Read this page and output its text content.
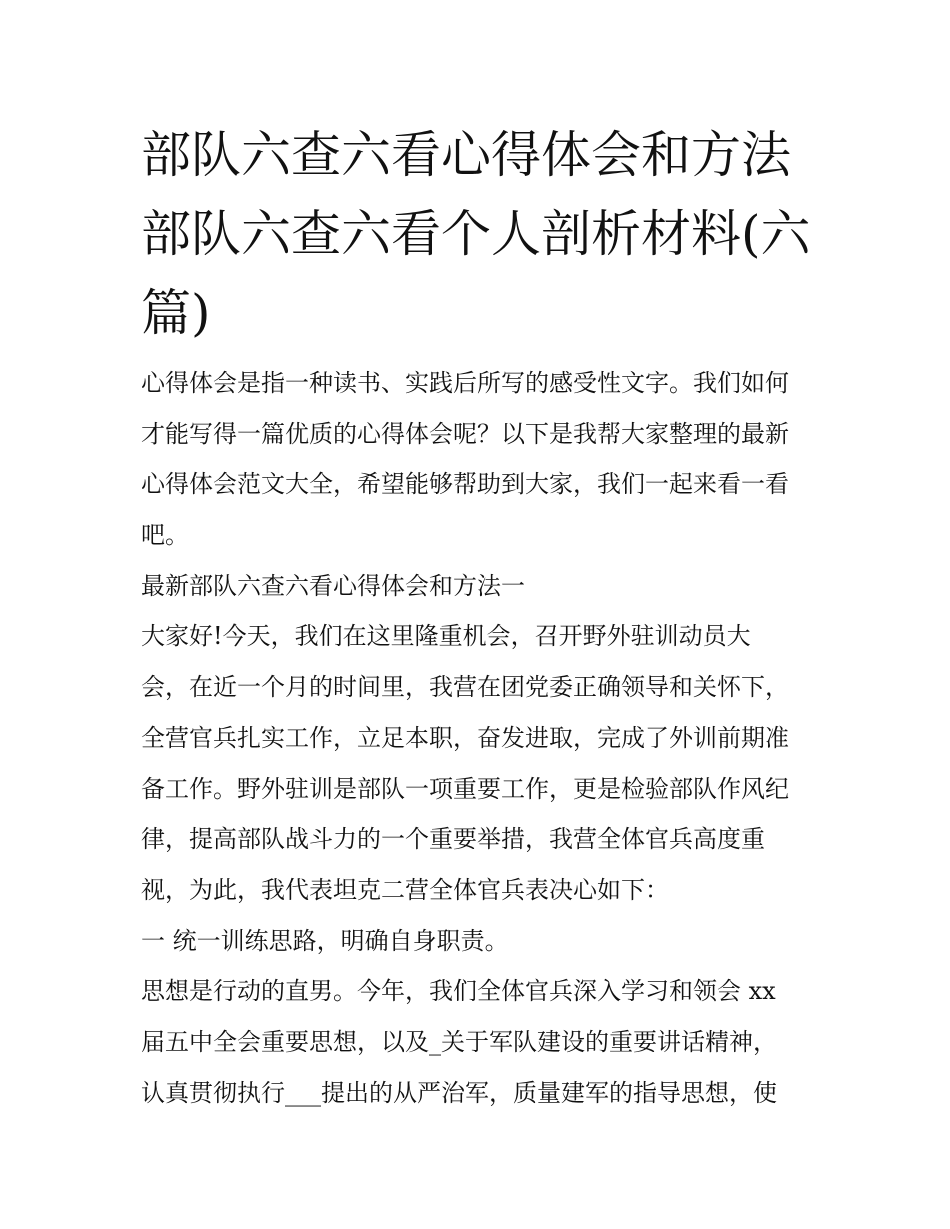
部队六查六看心得体会和方法
部队六查六看个人剖析材料(六
篇)
心得体会是指一种读书、实践后所写的感受性文字。我们如何
才能写得一篇优质的心得体会呢？以下是我帮大家整理的最新
心得体会范文大全，希望能够帮助到大家，我们一起来看一看
吧。
最新部队六查六看心得体会和方法一
大家好!今天，我们在这里隆重机会，召开野外驻训动员大
会，在近一个月的时间里，我营在团党委正确领导和关怀下，
全营官兵扎实工作，立足本职，奋发进取，完成了外训前期准
备工作。野外驻训是部队一项重要工作，更是检验部队作风纪
律，提高部队战斗力的一个重要举措，我营全体官兵高度重
视，为此，我代表坦克二营全体官兵表决心如下：
一 统一训练思路，明确自身职责。
思想是行动的直男。今年，我们全体官兵深入学习和领会 xx
届五中全会重要思想，以及_关于军队建设的重要讲话精神，
认真贯彻执行___提出的从严治军，质量建军的指导思想，使
